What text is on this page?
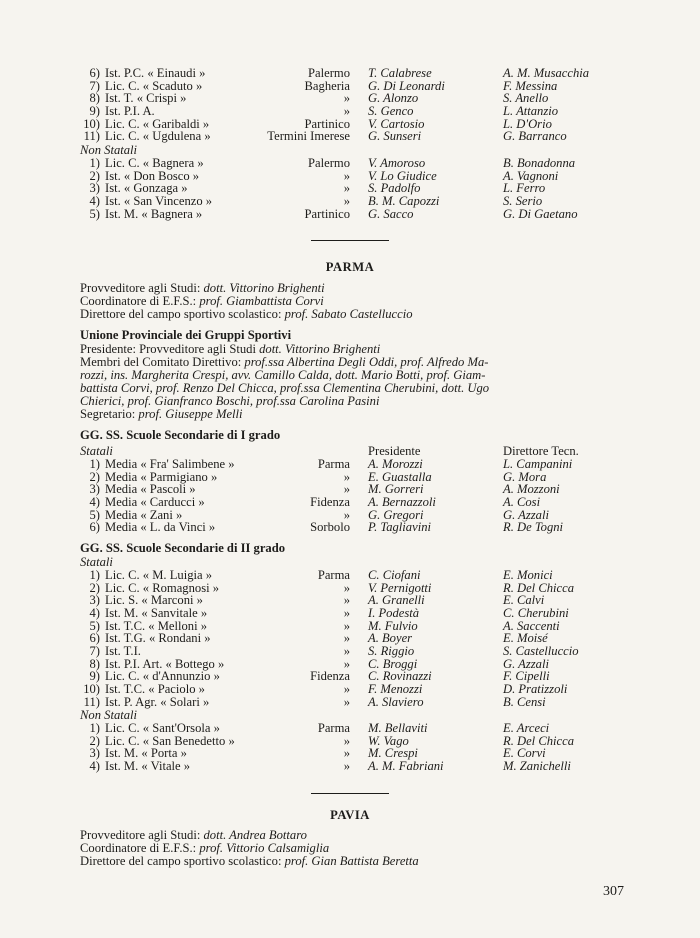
6) Ist. P.C. « Einaudi »	Palermo T. Calabrese	A. M. Musacchia
7) Lic. C. « Scaduto »	Bagheria G. Di Leonardi	F. Messina
8) Ist. T. « Crispi »	» G. Alonzo	S. Anello
9) Ist. P.I. A.	» S. Genco	L. Attanzio
10) Lic. C. « Garibaldi »	Partinico V. Cartosio	L. D'Orio
11) Lic. C. « Ugdulena »	Termini Imerese G. Sunseri	G. Barranco
Non Statali
1) Lic. C. « Bagnera »	Palermo V. Amoroso	B. Bonadonna
2) Ist. « Don Bosco »	» V. Lo Giudice	A. Vagnoni
3) Ist. « Gonzaga »	» S. Padolfo	L. Ferro
4) Ist. « San Vincenzo »	» B. M. Capozzi	S. Serio
5) Ist. M. « Bagnera »	Partinico G. Sacco	G. Di Gaetano
PARMA
Provveditore agli Studi: dott. Vittorino Brighenti
Coordinatore di E.F.S.: prof. Giambattista Corvi
Direttore del campo sportivo scolastico: prof. Sabato Castelluccio
Unione Provinciale dei Gruppi Sportivi
Presidente: Provveditore agli Studi dott. Vittorino Brighenti
Membri del Comitato Direttivo: prof.ssa Albertina Degli Oddi, prof. Alfredo Ma-
rozzi, ins. Margherita Crespi, avv. Camillo Calda, dott. Mario Botti, prof. Giam-
battista Corvi, prof. Renzo Del Chicca, prof.ssa Clementina Cherubini, dott. Ugo
Chierici, prof. Gianfranco Boschi, prof.ssa Carolina Pasini
Segretario: prof. Giuseppe Melli
GG. SS. Scuole Secondarie di I grado
Statali	Presidente	Direttore Tecn.
1) Media « Fra' Salimbene »	Parma A. Morozzi	L. Campanini
2) Media « Parmigiano »	» E. Guastalla	G. Mora
3) Media « Pascoli »	» M. Gorreri	A. Mozzoni
4) Media « Carducci »	Fidenza A. Bernazzoli	A. Cosi
5) Media « Zani »	» G. Gregori	G. Azzali
6) Media « L. da Vinci »	Sorbolo P. Tagliavini	R. De Togni
GG. SS. Scuole Secondarie di II grado
Statali
1) Lic. C. « M. Luigia »	Parma C. Ciofani	E. Monici
2) Lic. C. « Romagnosi »	» V. Pernigotti	R. Del Chicca
3) Lic. S. « Marconi »	» A. Granelli	E. Calvi
4) Ist. M. « Sanvitale »	» I. Podestà	C. Cherubini
5) Ist. T.C. « Melloni »	» M. Fulvio	A. Saccenti
6) Ist. T.G. « Rondani »	» A. Boyer	E. Moisé
7) Ist. T.I.	» S. Riggio	S. Castelluccio
8) Ist. P.I. Art. « Bottego »	» C. Broggi	G. Azzali
9) Lic. C. « d'Annunzio »	Fidenza C. Rovinazzi	F. Cipelli
10) Ist. T.C. « Paciolo »	» F. Menozzi	D. Pratizzoli
11) Ist. P. Agr. « Solari »	» A. Slaviero	B. Censi
Non Statali
1) Lic. C. « Sant'Orsola »	Parma M. Bellaviti	E. Arceci
2) Lic. C. « San Benedetto »	» W. Vago	R. Del Chicca
3) Ist. M. « Porta »	» M. Crespi	E. Corvi
4) Ist. M. « Vitale »	» A. M. Fabriani	M. Zanichelli
PAVIA
Provveditore agli Studi: dott. Andrea Bottaro
Coordinatore di E.F.S.: prof. Vittorio Calsamiglia
Direttore del campo sportivo scolastico: prof. Gian Battista Beretta
307
